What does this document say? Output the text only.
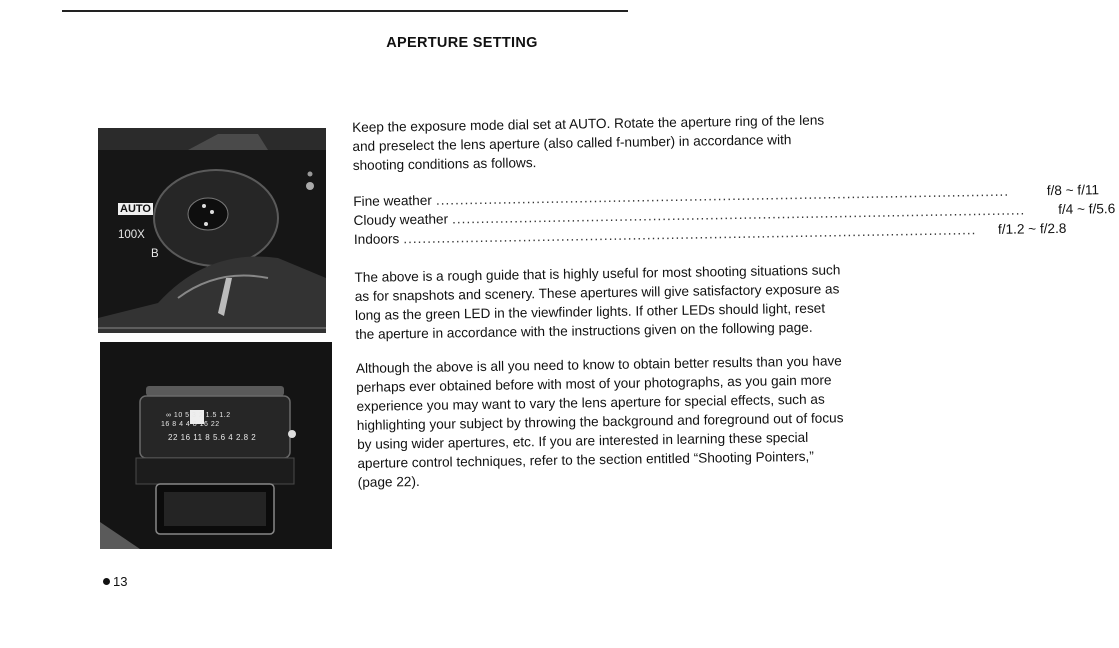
APERTURE SETTING
AUTO
100X
B
∞ 10 5 3 2 1.5 1.2
16 8 4 4 8 16 22
22 16 11 8 5.6 4 2.8 2

Keep the exposure mode dial set at AUTO. Rotate the aperture ring of the lens and preselect the lens aperture (also called f-number) in accordance with shooting conditions as follows.

Fine weather ........................................................................................................................	f/8 ~ f/11
Cloudy weather ........................................................................................................................	f/4 ~ f/5.6
Indoors ........................................................................................................................	f/1.2 ~ f/2.8

The above is a rough guide that is highly useful for most shooting situations such as for snapshots and scenery. These apertures will give satisfactory exposure as long as the green LED in the viewfinder lights. If other LEDs should light, reset the aperture in accordance with the instructions given on the following page.

Although the above is all you need to know to obtain better results than you have perhaps ever obtained before with most of your photographs, as you gain more experience you may want to vary the lens aperture for special effects, such as highlighting your subject by throwing the background and foreground out of focus by using wider apertures, etc. If you are interested in learning these special aperture control techniques, refer to the section entitled “Shooting Pointers,” (page 22).

13
